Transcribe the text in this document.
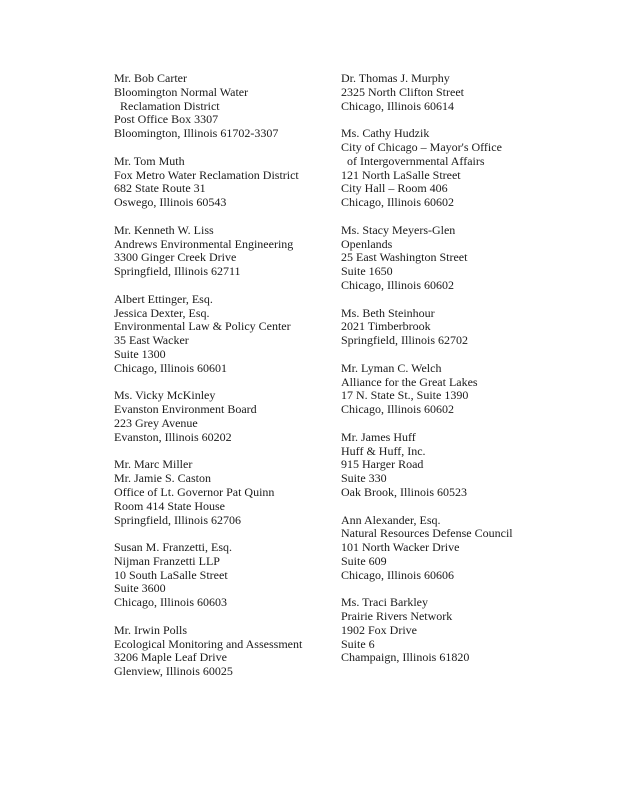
Mr. Bob Carter
Bloomington Normal Water
Reclamation District
Post Office Box 3307
Bloomington, Illinois 61702-3307
Mr. Tom Muth
Fox Metro Water Reclamation District
682 State Route 31
Oswego, Illinois 60543
Mr. Kenneth W. Liss
Andrews Environmental Engineering
3300 Ginger Creek Drive
Springfield, Illinois 62711
Albert Ettinger, Esq.
Jessica Dexter, Esq.
Environmental Law & Policy Center
35 East Wacker
Suite 1300
Chicago, Illinois 60601
Ms. Vicky McKinley
Evanston Environment Board
223 Grey Avenue
Evanston, Illinois 60202
Mr. Marc Miller
Mr. Jamie S. Caston
Office of Lt. Governor Pat Quinn
Room 414 State House
Springfield, Illinois 62706
Susan M. Franzetti, Esq.
Nijman Franzetti LLP
10 South LaSalle Street
Suite 3600
Chicago, Illinois 60603
Mr. Irwin Polls
Ecological Monitoring and Assessment
3206 Maple Leaf Drive
Glenview, Illinois 60025
Dr. Thomas J. Murphy
2325 North Clifton Street
Chicago, Illinois 60614
Ms. Cathy Hudzik
City of Chicago – Mayor's Office
of Intergovernmental Affairs
121 North LaSalle Street
City Hall – Room 406
Chicago, Illinois 60602
Ms. Stacy Meyers-Glen
Openlands
25 East Washington Street
Suite 1650
Chicago, Illinois 60602
Ms. Beth Steinhour
2021 Timberbrook
Springfield, Illinois 62702
Mr. Lyman C. Welch
Alliance for the Great Lakes
17 N. State St., Suite 1390
Chicago, Illinois 60602
Mr. James Huff
Huff & Huff, Inc.
915 Harger Road
Suite 330
Oak Brook, Illinois 60523
Ann Alexander, Esq.
Natural Resources Defense Council
101 North Wacker Drive
Suite 609
Chicago, Illinois 60606
Ms. Traci Barkley
Prairie Rivers Network
1902 Fox Drive
Suite 6
Champaign, Illinois 61820
